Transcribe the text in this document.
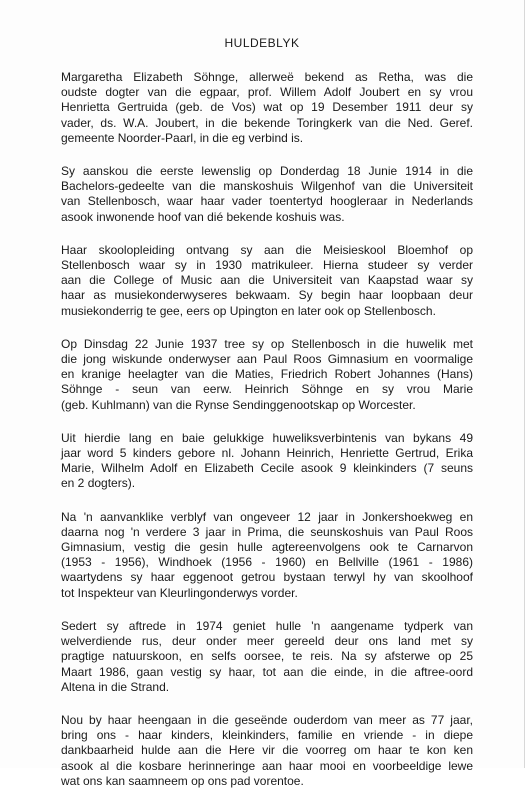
HULDEBLYK

Margaretha Elizabeth Söhnge, allerweë bekend as Retha, was die
oudste dogter van die egpaar, prof. Willem Adolf Joubert en sy vrou
Henrietta Gertruida (geb. de Vos) wat op 19 Desember 1911 deur sy
vader, ds. W.A. Joubert, in die bekende Toringkerk van die Ned. Geref.
gemeente Noorder-Paarl, in die eg verbind is.

Sy aanskou die eerste lewenslig op Donderdag 18 Junie 1914 in die
Bachelors-gedeelte van die manskoshuis Wilgenhof van die Universiteit
van Stellenbosch, waar haar vader toentertyd hoogleraar in Nederlands
asook inwonende hoof van dié bekende koshuis was.

Haar skoolopleiding ontvang sy aan die Meisieskool Bloemhof op
Stellenbosch waar sy in 1930 matrikuleer. Hierna studeer sy verder
aan die College of Music aan die Universiteit van Kaapstad waar sy
haar as musiekonderwyseres bekwaam. Sy begin haar loopbaan deur
musiekonderrig te gee, eers op Upington en later ook op Stellenbosch.

Op Dinsdag 22 Junie 1937 tree sy op Stellenbosch in die huwelik met
die jong wiskunde onderwyser aan Paul Roos Gimnasium en voormalige
en kranige heelagter van die Maties, Friedrich Robert Johannes (Hans)
Söhnge - seun van eerw. Heinrich Söhnge en sy vrou Marie
(geb. Kuhlmann) van die Rynse Sendinggenootskap op Worcester.

Uit hierdie lang en baie gelukkige huweliksverbintenis van bykans 49
jaar word 5 kinders gebore nl. Johann Heinrich, Henriette Gertrud, Erika
Marie, Wilhelm Adolf en Elizabeth Cecile asook 9 kleinkinders (7 seuns
en 2 dogters).

Na 'n aanvanklike verblyf van ongeveer 12 jaar in Jonkershoekweg en
daarna nog 'n verdere 3 jaar in Prima, die seunskoshuis van Paul Roos
Gimnasium, vestig die gesin hulle agtereenvolgens ook te Carnarvon
(1953 - 1956), Windhoek (1956 - 1960) en Bellville (1961 - 1986)
waartydens sy haar eggenoot getrou bystaan terwyl hy van skoolhoof
tot Inspekteur van Kleurlingonderwys vorder.

Sedert sy aftrede in 1974 geniet hulle 'n aangename tydperk van
welverdiende rus, deur onder meer gereeld deur ons land met sy
pragtige natuurskoon, en selfs oorsee, te reis. Na sy afsterwe op 25
Maart 1986, gaan vestig sy haar, tot aan die einde, in die aftree-oord
Altena in die Strand.

Nou by haar heengaan in die geseënde ouderdom van meer as 77 jaar,
bring ons - haar kinders, kleinkinders, familie en vriende - in diepe
dankbaarheid hulde aan die Here vir die voorreg om haar te kon ken
asook al die kosbare herinneringe aan haar mooi en voorbeeldige lewe
wat ons kan saamneem op ons pad vorentoe.
